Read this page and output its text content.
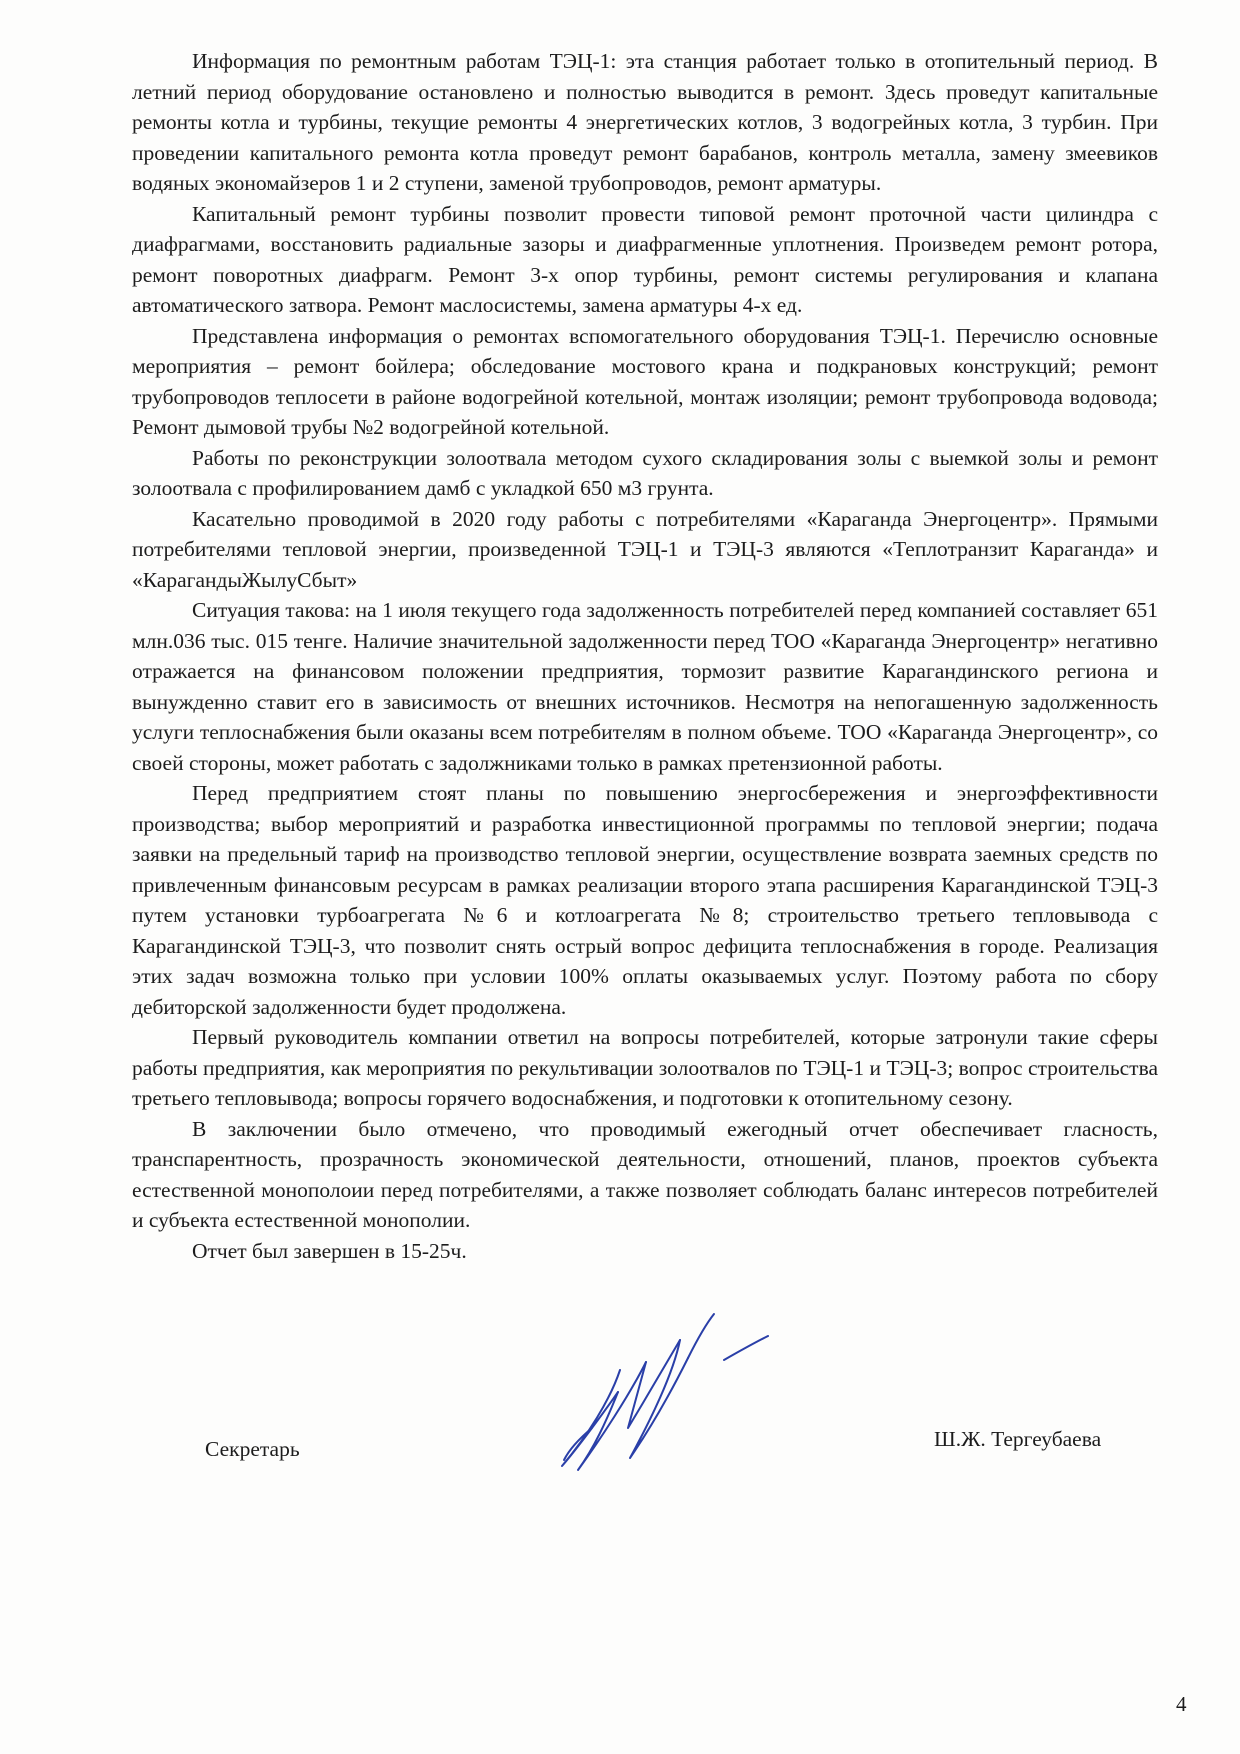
Информация по ремонтным работам ТЭЦ-1: эта станция работает только в отопительный период. В летний период оборудование остановлено и полностью выводится в ремонт. Здесь проведут капитальные ремонты котла и турбины, текущие ремонты 4 энергетических котлов, 3 водогрейных котла, 3 турбин. При проведении капитального ремонта котла проведут ремонт барабанов, контроль металла, замену змеевиков водяных экономайзеров 1 и 2 ступени, заменой трубопроводов, ремонт арматуры.

Капитальный ремонт турбины позволит провести типовой ремонт проточной части цилиндра с диафрагмами, восстановить радиальные зазоры и диафрагменные уплотнения. Произведем ремонт ротора, ремонт поворотных диафрагм. Ремонт 3-х опор турбины, ремонт системы регулирования и клапана автоматического затвора. Ремонт маслосистемы, замена арматуры 4-х ед.

Представлена информация о ремонтах вспомогательного оборудования ТЭЦ-1. Перечислю основные мероприятия – ремонт бойлера; обследование мостового крана и подкрановых конструкций; ремонт трубопроводов теплосети в районе водогрейной котельной, монтаж изоляции; ремонт трубопровода водовода; Ремонт дымовой трубы №2 водогрейной котельной.

Работы по реконструкции золоотвала методом сухого складирования золы с выемкой золы и ремонт золоотвала с профилированием дамб с укладкой 650 м3 грунта.

Касательно проводимой в 2020 году работы с потребителями «Караганда Энергоцентр». Прямыми потребителями тепловой энергии, произведенной ТЭЦ-1 и ТЭЦ-3 являются «Теплотранзит Караганда» и «КарагандыЖылуСбыт»

Ситуация такова: на 1 июля текущего года задолженность потребителей перед компанией составляет 651 млн.036 тыс. 015 тенге. Наличие значительной задолженности перед ТОО «Караганда Энергоцентр» негативно отражается на финансовом положении предприятия, тормозит развитие Карагандинского региона и вынужденно ставит его в зависимость от внешних источников. Несмотря на непогашенную задолженность услуги теплоснабжения были оказаны всем потребителям в полном объеме. ТОО «Караганда Энергоцентр», со своей стороны, может работать с задолжниками только в рамках претензионной работы.

Перед предприятием стоят планы по повышению энергосбережения и энергоэффективности производства; выбор мероприятий и разработка инвестиционной программы по тепловой энергии; подача заявки на предельный тариф на производство тепловой энергии, осуществление возврата заемных средств по привлеченным финансовым ресурсам в рамках реализации второго этапа расширения Карагандинской ТЭЦ-3 путем установки турбоагрегата №6 и котлоагрегата №8; строительство третьего тепловывода с Карагандинской ТЭЦ-3, что позволит снять острый вопрос дефицита теплоснабжения в городе. Реализация этих задач возможна только при условии 100% оплаты оказываемых услуг. Поэтому работа по сбору дебиторской задолженности будет продолжена.

Первый руководитель компании ответил на вопросы потребителей, которые затронули такие сферы работы предприятия, как мероприятия по рекультивации золоотвалов по ТЭЦ-1 и ТЭЦ-3; вопрос строительства третьего тепловывода; вопросы горячего водоснабжения, и подготовки к отопительному сезону.

В заключении было отмечено, что проводимый ежегодный отчет обеспечивает гласность, транспарентность, прозрачность экономической деятельности, отношений, планов, проектов субъекта естественной монополоии перед потребителями, а также позволяет соблюдать баланс интересов потребителей и субъекта естественной монополии.

Отчет был завершен в 15-25ч.

Секретарь	Ш.Ж. Тергеубаева
4
